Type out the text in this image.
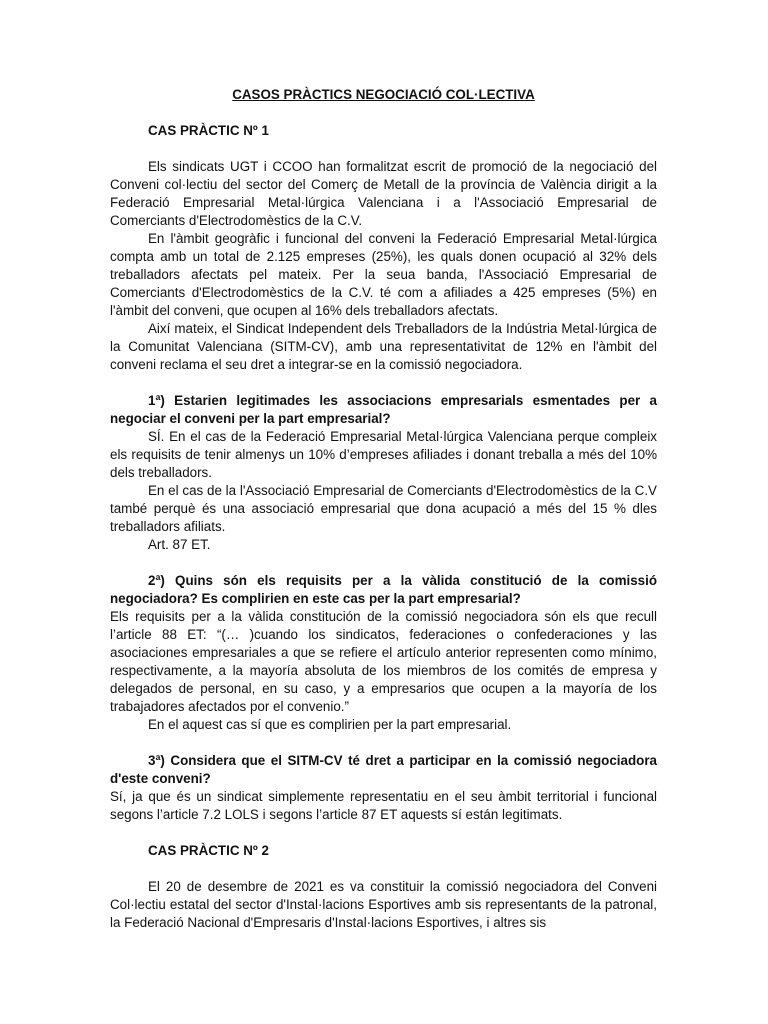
CASOS PRÀCTICS NEGOCIACIÓ COL·LECTIVA
CAS PRÀCTIC Nº 1

Els sindicats UGT i CCOO han formalitzat escrit de promoció de la negociació del Conveni col·lectiu del sector del Comerç de Metall de la província de València dirigit a la Federació Empresarial Metal·lúrgica Valenciana i a l'Associació Empresarial de Comerciants d'Electrodomèstics de la C.V.

En l'àmbit geogràfic i funcional del conveni la Federació Empresarial Metal·lúrgica compta amb un total de 2.125 empreses (25%), les quals donen ocupació al 32% dels treballadors afectats pel mateix. Per la seua banda, l'Associació Empresarial de Comerciants d'Electrodomèstics de la C.V. té com a afiliades a 425 empreses (5%) en l'àmbit del conveni, que ocupen al 16% dels treballadors afectats.

Així mateix, el Sindicat Independent dels Treballadors de la Indústria Metal·lúrgica de la Comunitat Valenciana (SITM-CV), amb una representativitat de 12% en l'àmbit del conveni reclama el seu dret a integrar-se en la comissió negociadora.

1ª) Estarien legitimades les associacions empresarials esmentades per a negociar el conveni per la part empresarial?

SÍ. En el cas de la Federació Empresarial Metal·lúrgica Valenciana perque compleix els requisits de tenir almenys un 10% d’empreses afiliades i donant treballa a més del 10% dels treballadors.

En el cas de la l'Associació Empresarial de Comerciants d'Electrodomèstics de la C.V també perquè és una associació empresarial que dona acupació a més del 15 % dles treballadors afiliats.

Art. 87 ET.

2ª) Quins són els requisits per a la vàlida constitució de la comissió negociadora? Es complirien en este cas per la part empresarial?

Els requisits per a la vàlida constitución de la comissió negociadora són els que recull l’article 88 ET: “(… )cuando los sindicatos, federaciones o confederaciones y las asociaciones empresariales a que se refiere el artículo anterior representen como mínimo, respectivamente, a la mayoría absoluta de los miembros de los comités de empresa y delegados de personal, en su caso, y a empresarios que ocupen a la mayoría de los trabajadores afectados por el convenio.”

En el aquest cas sí que es complirien per la part empresarial.

3ª) Considera que el SITM-CV té dret a participar en la comissió negociadora d'este conveni?

Sí, ja que és un sindicat simplemente representatiu en el seu àmbit territorial i funcional segons l’article 7.2 LOLS i segons l’article 87 ET aquests sí están legitimats.

CAS PRÀCTIC Nº 2

El 20 de desembre de 2021 es va constituir la comissió negociadora del Conveni Col·lectiu estatal del sector d'Instal·lacions Esportives amb sis representants de la patronal, la Federació Nacional d'Empresaris d'Instal·lacions Esportives, i altres sis
